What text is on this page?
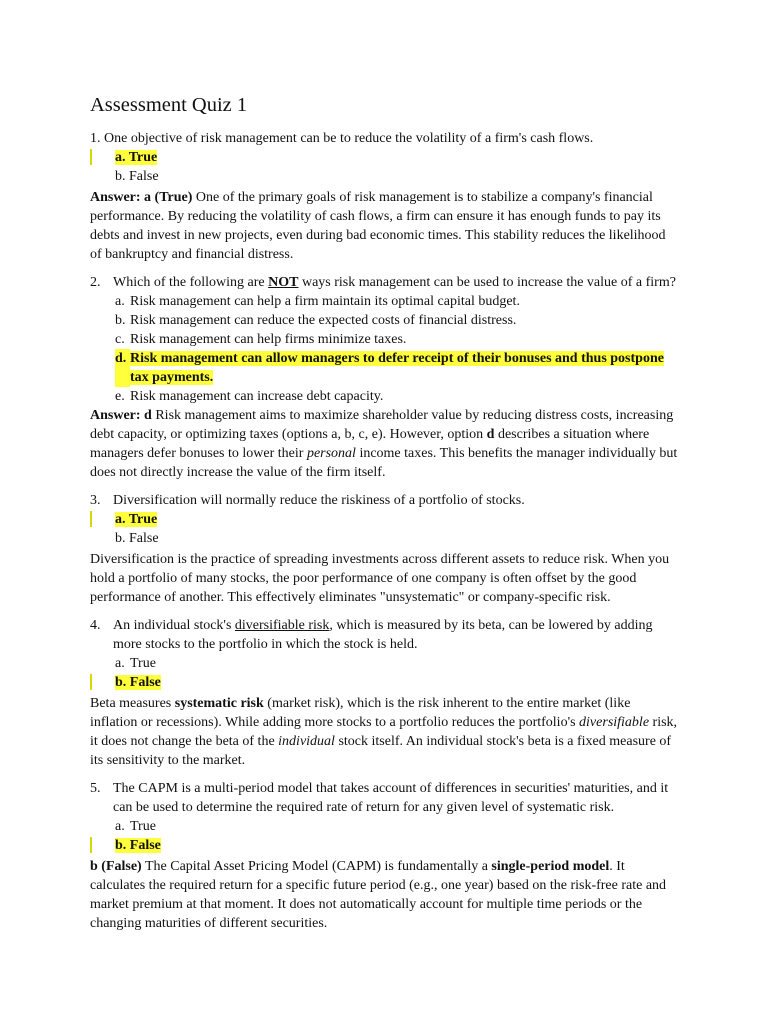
Assessment Quiz 1

1. One objective of risk management can be to reduce the volatility of a firm's cash flows.

a. True

b. False

Answer: a (True) One of the primary goals of risk management is to stabilize a company's financial performance. By reducing the volatility of cash flows, a firm can ensure it has enough funds to pay its debts and invest in new projects, even during bad economic times. This stability reduces the likelihood of bankruptcy and financial distress.

2. Which of the following are NOT ways risk management can be used to increase the value of a firm?
a. Risk management can help a firm maintain its optimal capital budget.
b. Risk management can reduce the expected costs of financial distress.
c. Risk management can help firms minimize taxes.
d. Risk management can allow managers to defer receipt of their bonuses and thus postpone tax payments.
e. Risk management can increase debt capacity.

Answer: d Risk management aims to maximize shareholder value by reducing distress costs, increasing debt capacity, or optimizing taxes (options a, b, c, e). However, option d describes a situation where managers defer bonuses to lower their personal income taxes. This benefits the manager individually but does not directly increase the value of the firm itself.

3. Diversification will normally reduce the riskiness of a portfolio of stocks.

a. True

b. False

Diversification is the practice of spreading investments across different assets to reduce risk. When you hold a portfolio of many stocks, the poor performance of one company is often offset by the good performance of another. This effectively eliminates "unsystematic" or company-specific risk.

4. An individual stock's diversifiable risk, which is measured by its beta, can be lowered by adding more stocks to the portfolio in which the stock is held.
a. True

b. False

Beta measures systematic risk (market risk), which is the risk inherent to the entire market (like inflation or recessions). While adding more stocks to a portfolio reduces the portfolio's diversifiable risk, it does not change the beta of the individual stock itself. An individual stock's beta is a fixed measure of its sensitivity to the market.

5. The CAPM is a multi-period model that takes account of differences in securities' maturities, and it can be used to determine the required rate of return for any given level of systematic risk.
a. True

b. False

b (False) The Capital Asset Pricing Model (CAPM) is fundamentally a single-period model. It calculates the required return for a specific future period (e.g., one year) based on the risk-free rate and market premium at that moment. It does not automatically account for multiple time periods or the changing maturities of different securities.
